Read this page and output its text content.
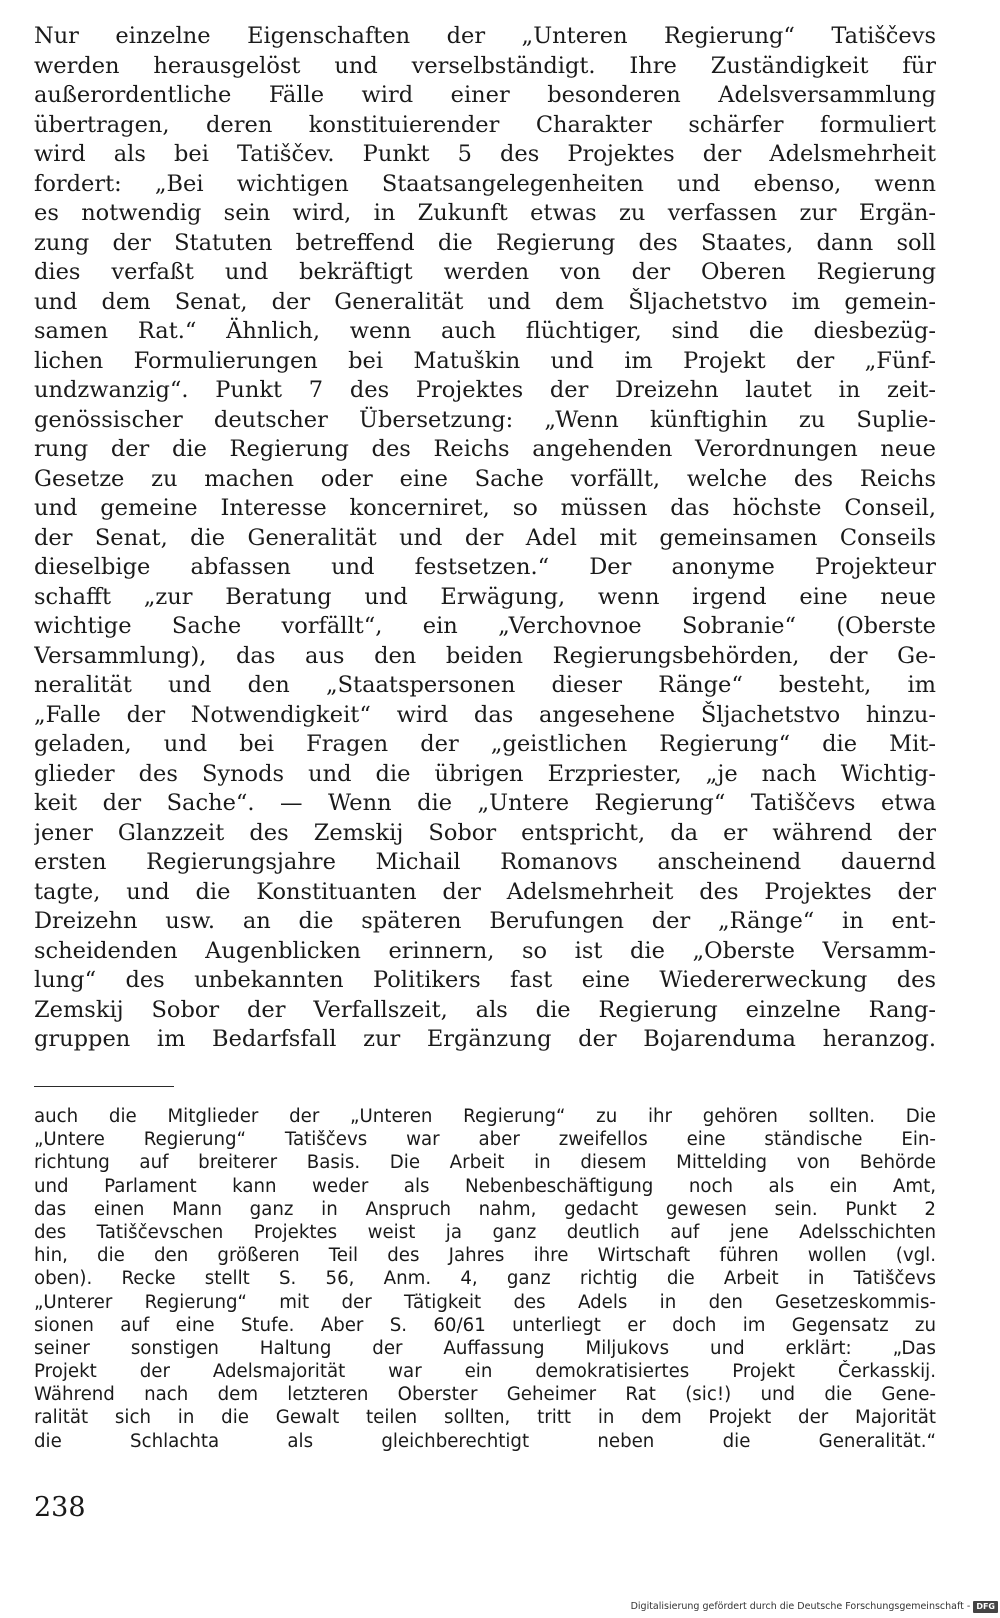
Nur einzelne Eigenschaften der „Unteren Regierung“ Tatiščevs
werden herausgelöst und verselbständigt. Ihre Zuständigkeit für
außerordentliche Fälle wird einer besonderen Adelsversammlung
übertragen, deren konstituierender Charakter schärfer formuliert
wird als bei Tatiščev. Punkt 5 des Projektes der Adelsmehrheit
fordert: „Bei wichtigen Staatsangelegenheiten und ebenso, wenn
es notwendig sein wird, in Zukunft etwas zu verfassen zur Ergän-
zung der Statuten betreffend die Regierung des Staates, dann soll
dies verfaßt und bekräftigt werden von der Oberen Regierung
und dem Senat, der Generalität und dem Šljachetstvo im gemein-
samen Rat.“ Ähnlich, wenn auch flüchtiger, sind die diesbezüg-
lichen Formulierungen bei Matuškin und im Projekt der „Fünf-
undzwanzig“. Punkt 7 des Projektes der Dreizehn lautet in zeit-
genössischer deutscher Übersetzung: „Wenn künftighin zu Suplie-
rung der die Regierung des Reichs angehenden Verordnungen neue
Gesetze zu machen oder eine Sache vorfällt, welche des Reichs
und gemeine Interesse koncerniret, so müssen das höchste Conseil,
der Senat, die Generalität und der Adel mit gemeinsamen Conseils
dieselbige abfassen und festsetzen.“ Der anonyme Projekteur
schafft „zur Beratung und Erwägung, wenn irgend eine neue
wichtige Sache vorfällt“, ein „Verchovnoe Sobranie“ (Oberste
Versammlung), das aus den beiden Regierungsbehörden, der Ge-
neralität und den „Staatspersonen dieser Ränge“ besteht, im
„Falle der Notwendigkeit“ wird das angesehene Šljachetstvo hinzu-
geladen, und bei Fragen der „geistlichen Regierung“ die Mit-
glieder des Synods und die übrigen Erzpriester, „je nach Wichtig-
keit der Sache“. — Wenn die „Untere Regierung“ Tatiščevs etwa
jener Glanzzeit des Zemskij Sobor entspricht, da er während der
ersten Regierungsjahre Michail Romanovs anscheinend dauernd
tagte, und die Konstituanten der Adelsmehrheit des Projektes der
Dreizehn usw. an die späteren Berufungen der „Ränge“ in ent-
scheidenden Augenblicken erinnern, so ist die „Oberste Versamm-
lung“ des unbekannten Politikers fast eine Wiedererweckung des
Zemskij Sobor der Verfallszeit, als die Regierung einzelne Rang-
gruppen im Bedarfsfall zur Ergänzung der Bojarenduma heranzog.
auch die Mitglieder der „Unteren Regierung“ zu ihr gehören sollten. Die
„Untere Regierung“ Tatiščevs war aber zweifellos eine ständische Ein-
richtung auf breiterer Basis. Die Arbeit in diesem Mittelding von Behörde
und Parlament kann weder als Nebenbeschäftigung noch als ein Amt,
das einen Mann ganz in Anspruch nahm, gedacht gewesen sein. Punkt 2
des Tatiščevschen Projektes weist ja ganz deutlich auf jene Adelsschichten
hin, die den größeren Teil des Jahres ihre Wirtschaft führen wollen (vgl.
oben). Recke stellt S. 56, Anm. 4, ganz richtig die Arbeit in Tatiščevs
„Unterer Regierung“ mit der Tätigkeit des Adels in den Gesetzeskommis-
sionen auf eine Stufe. Aber S. 60/61 unterliegt er doch im Gegensatz zu
seiner sonstigen Haltung der Auffassung Miljukovs und erklärt: „Das
Projekt der Adelsmajorität war ein demokratisiertes Projekt Čerkasskij.
Während nach dem letzteren Oberster Geheimer Rat (sic!) und die Gene-
ralität sich in die Gewalt teilen sollten, tritt in dem Projekt der Majorität
die Schlachta als gleichberechtigt neben die Generalität.“
238
Digitalisierung gefördert durch die Deutsche Forschungsgemeinschaft - DFG
